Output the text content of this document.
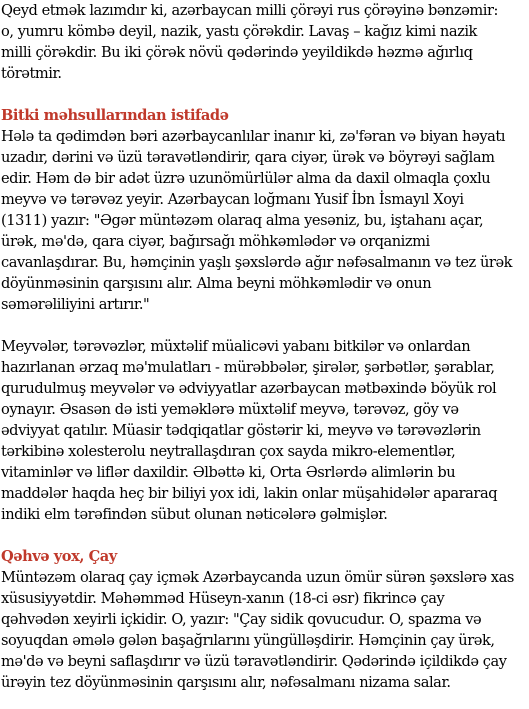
Qeyd etmək lazımdır ki, azərbaycan milli çörəyi rus çörəyinə bənzəmir:
o, yumru kömbə deyil, nazik, yastı çörəkdir. Lavaş – kağız kimi nazik
milli çörəkdir. Bu iki çörək növü qədərində yeyildikdə həzmə ağırlıq
törətmir.
Bitki məhsullarından istifadə
Hələ ta qədimdən bəri azərbaycanlılar inanır ki, zə'fəran və biyan həyatı
uzadır, dərini və üzü təravətləndirir, qara ciyər, ürək və böyrəyi sağlam
edir. Həm də bir adət üzrə uzunömürlülər alma da daxil olmaqla çoxlu
meyvə və tərəvəz yeyir. Azərbaycan loğmanı Yusif İbn İsmayıl Xoyi
(1311) yazır: "Əgər müntəzəm olaraq alma yesəniz, bu, iştahanı açar,
ürək, mə'də, qara ciyər, bağırsağı möhkəmlədər və orqanizmi
cavanlaşdırar. Bu, həmçinin yaşlı şəxslərdə ağır nəfəsalmanın və tez ürək
döyünməsinin qarşısını alır. Alma beyni möhkəmlədir və onun
səmərəliliyini artırır."
Meyvələr, tərəvəzlər, müxtəlif müalicəvi yabanı bitkilər və onlardan
hazırlanan ərzaq mə'mulatları - mürəbbələr, şirələr, şərbətlər, şərablar,
qurudulmuş meyvələr və ədviyyatlar azərbaycan mətbəxində böyük rol
oynayır. Əsasən də isti yeməklərə müxtəlif meyvə, tərəvəz, göy və
ədviyyat qatılır. Müasir tədqiqatlar göstərir ki, meyvə və tərəvəzlərin
tərkibinə xolesterolu neytrallaşdıran çox sayda mikro-elementlər,
vitaminlər və liflər daxildir. Əlbəttə ki, Orta Əsrlərdə alimlərin bu
maddələr haqda heç bir biliyi yox idi, lakin onlar müşahidələr apararaq
indiki elm tərəfindən sübut olunan nəticələrə gəlmişlər.
Qəhvə yox, Çay
Müntəzəm olaraq çay içmək Azərbaycanda uzun ömür sürən şəxslərə xas
xüsusiyyətdir. Məhəmməd Hüseyn-xanın (18-ci əsr) fikrincə çay
qəhvədən xeyirli içkidir. O, yazır: "Çay sidik qovucudur. O, spazma və
soyuqdan əmələ gələn başağrılarını yüngülləşdirir. Həmçinin çay ürək,
mə'də və beyni saflaşdırır və üzü təravətləndirir. Qədərində içildikdə çay
ürəyin tez döyünməsinin qarşısını alır, nəfəsalmanı nizama salar.
